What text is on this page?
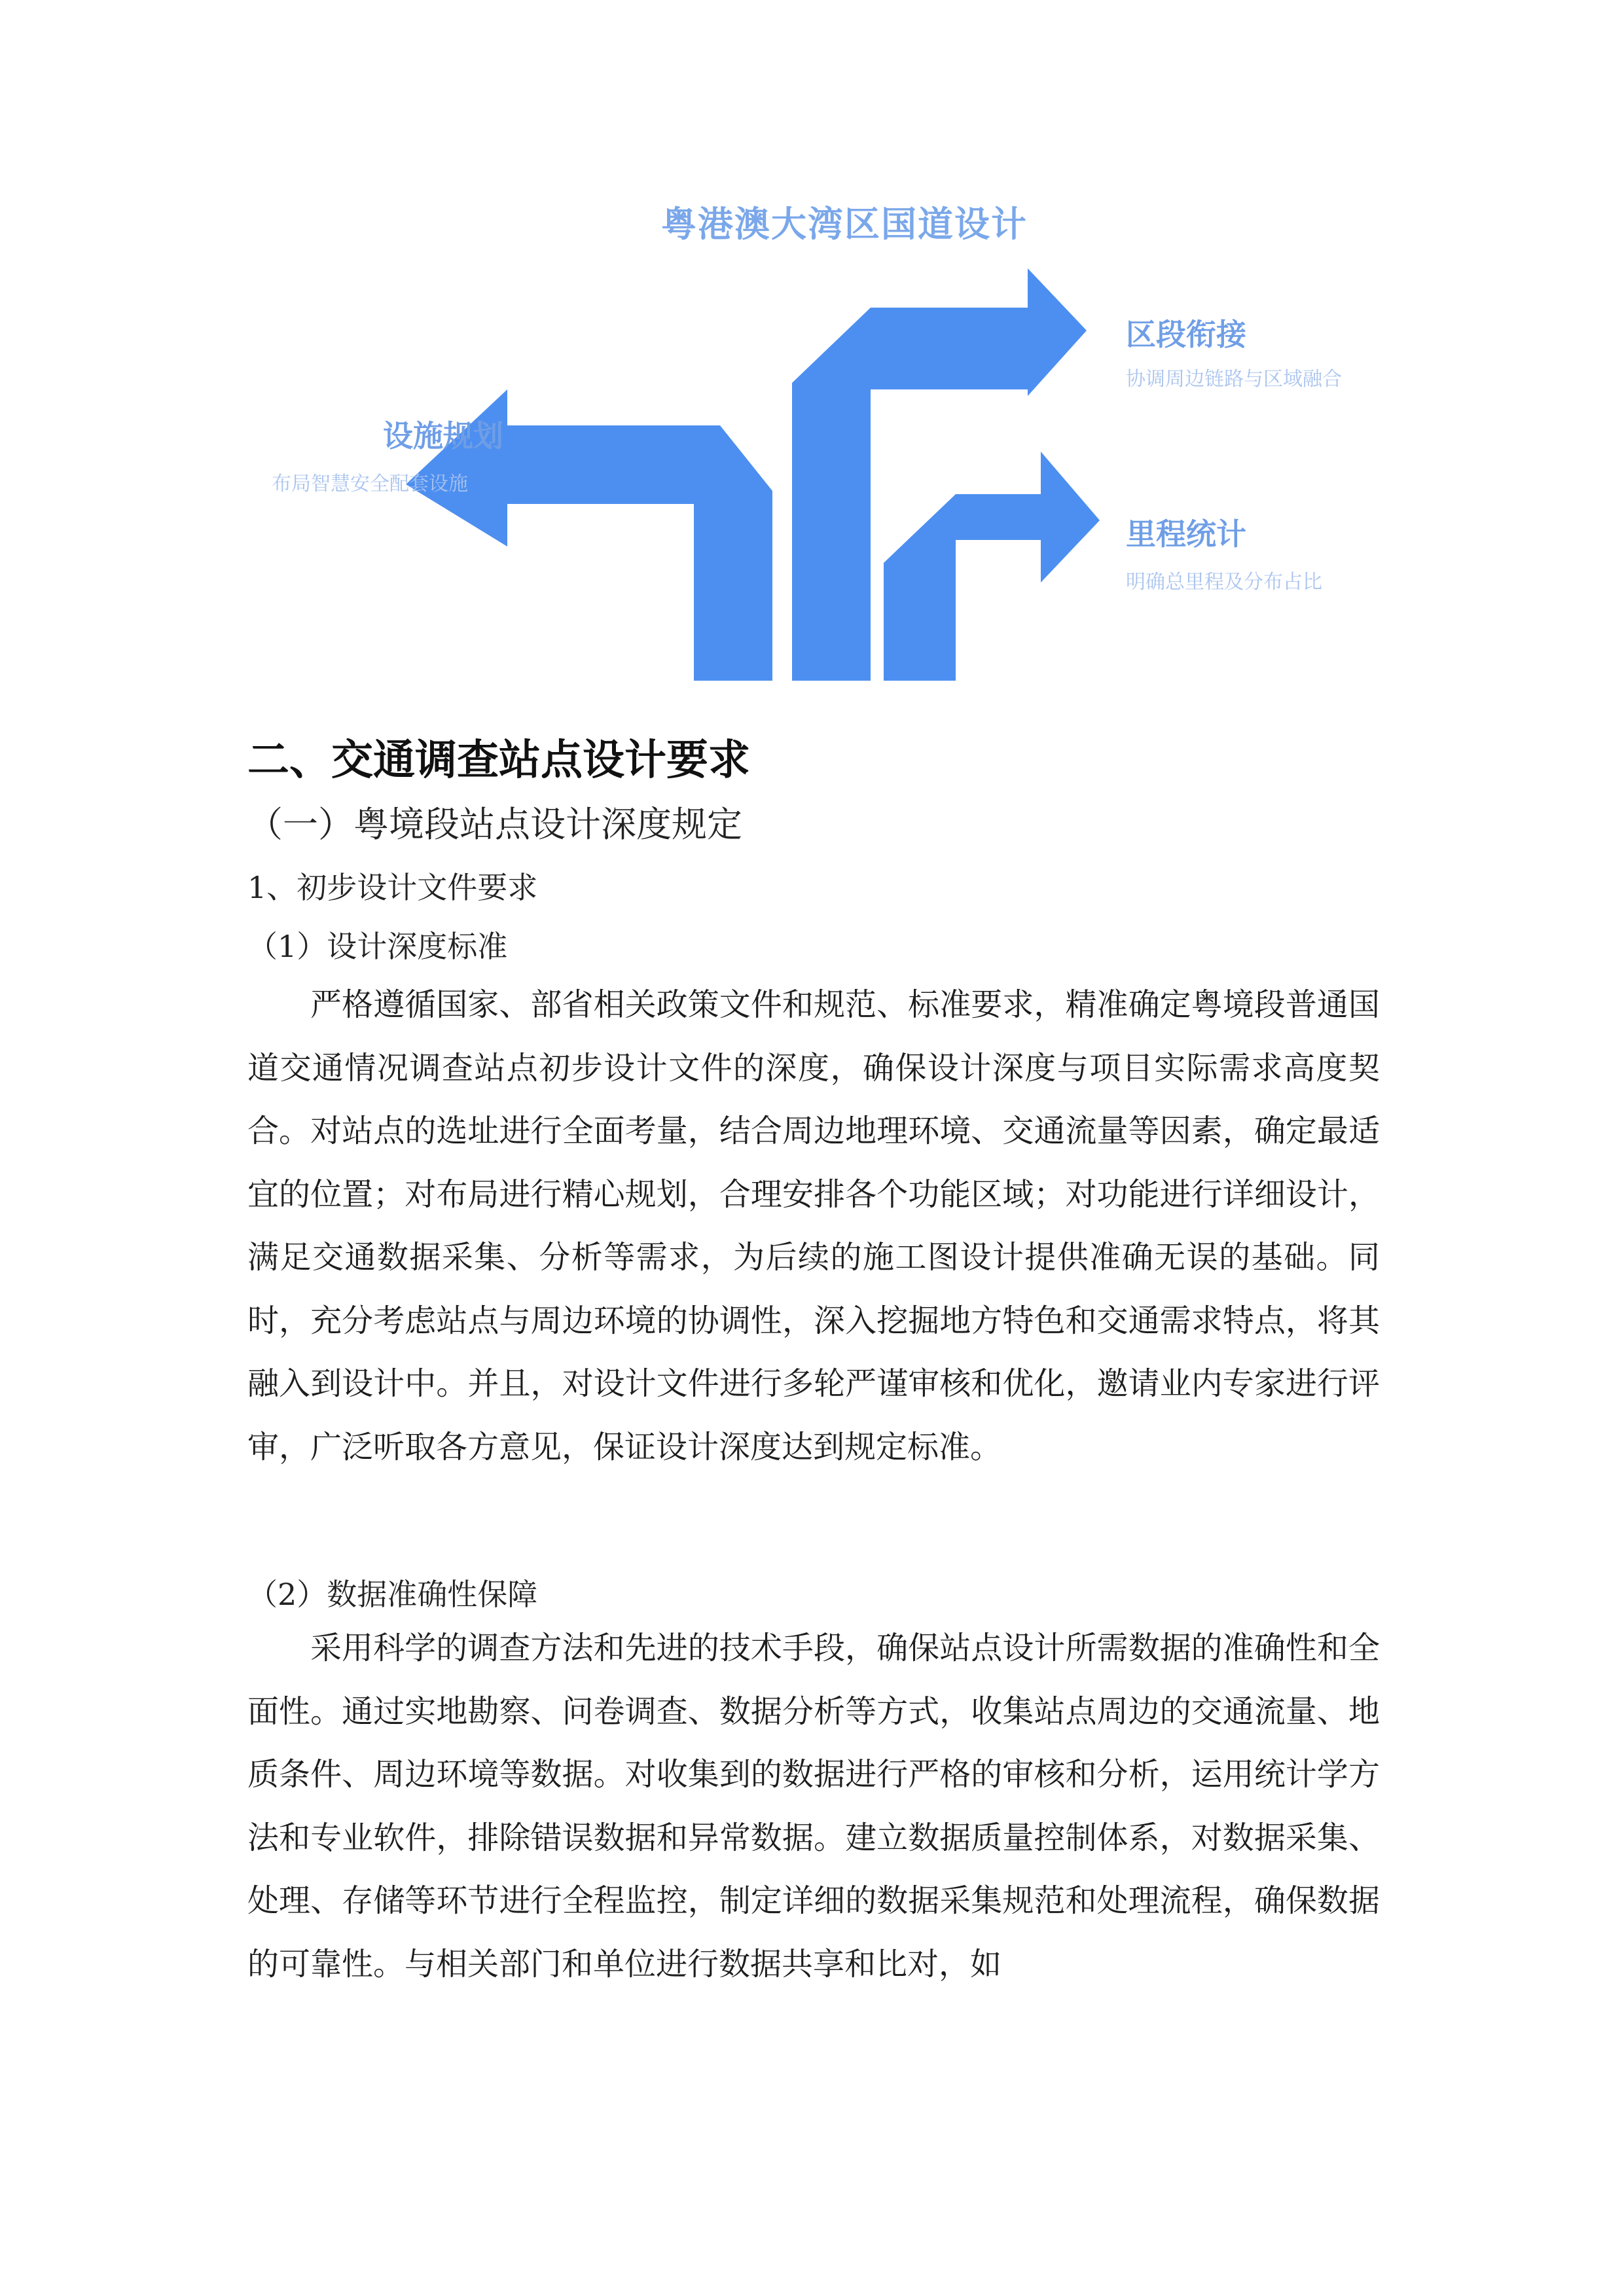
粤港澳大湾区国道设计
设施规划
布局智慧安全配套设施
区段衔接
协调周边链路与区域融合
里程统计
明确总里程及分布占比
二、交通调查站点设计要求
（一）粤境段站点设计深度规定
1、初步设计文件要求
（1）设计深度标准

严格遵循国家、部省相关政策文件和规范、标准要求，精准确定粤境段普通国道交通情况调查站点初步设计文件的深度，确保设计深度与项目实际需求高度契合。对站点的选址进行全面考量，结合周边地理环境、交通流量等因素，确定最适宜的位置；对布局进行精心规划，合理安排各个功能区域；对功能进行详细设计，满足交通数据采集、分析等需求，为后续的施工图设计提供准确无误的基础。同时，充分考虑站点与周边环境的协调性，深入挖掘地方特色和交通需求特点，将其融入到设计中。并且，对设计文件进行多轮严谨审核和优化，邀请业内专家进行评审，广泛听取各方意见，保证设计深度达到规定标准。

（2）数据准确性保障

采用科学的调查方法和先进的技术手段，确保站点设计所需数据的准确性和全面性。通过实地勘察、问卷调查、数据分析等方式，收集站点周边的交通流量、地质条件、周边环境等数据。对收集到的数据进行严格的审核和分析，运用统计学方法和专业软件，排除错误数据和异常数据。建立数据质量控制体系，对数据采集、处理、存储等环节进行全程监控，制定详细的数据采集规范和处理流程，确保数据的可靠性。与相关部门和单位进行数据共享和比对，如
